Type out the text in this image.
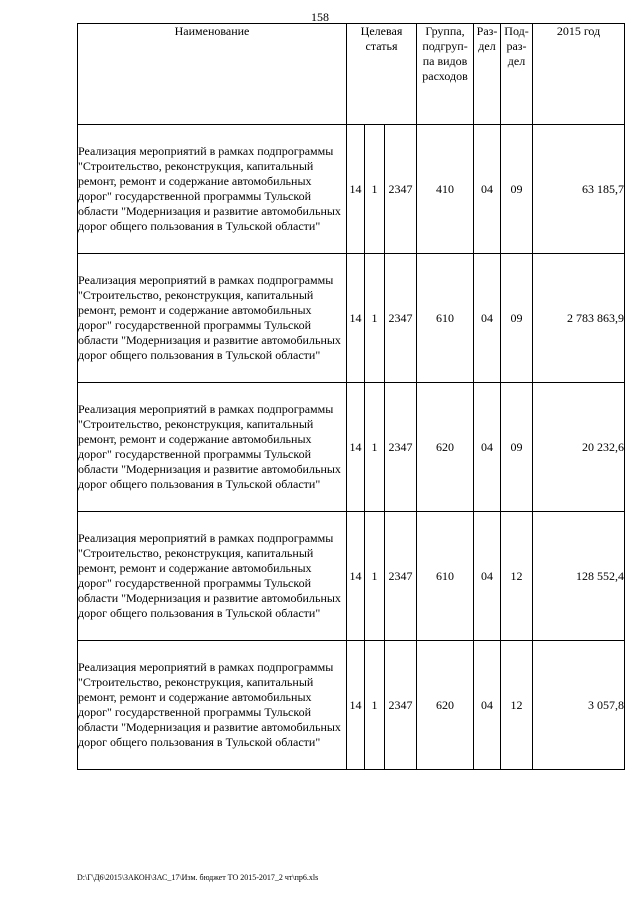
158
Наименование	Целевая статья			Группа, подгруп-па видов расходов	Раз-дел	Под-раз-дел	2015 год
Реализация мероприятий в рамках подпрограммы "Строительство, реконструкция, капитальный ремонт, ремонт и содержание автомобильных дорог" государственной программы Тульской области "Модернизация и развитие автомобильных дорог общего пользования в Тульской области"	14	1	2347	410	04	09	63 185,7
Реализация мероприятий в рамках подпрограммы "Строительство, реконструкция, капитальный ремонт, ремонт и содержание автомобильных дорог" государственной программы Тульской области "Модернизация и развитие автомобильных дорог общего пользования в Тульской области"	14	1	2347	610	04	09	2 783 863,9
Реализация мероприятий в рамках подпрограммы "Строительство, реконструкция, капитальный ремонт, ремонт и содержание автомобильных дорог" государственной программы Тульской области "Модернизация и развитие автомобильных дорог общего пользования в Тульской области"	14	1	2347	620	04	09	20 232,6
Реализация мероприятий в рамках подпрограммы "Строительство, реконструкция, капитальный ремонт, ремонт и содержание автомобильных дорог" государственной программы Тульской области "Модернизация и развитие автомобильных дорог общего пользования в Тульской области"	14	1	2347	610	04	12	128 552,4
Реализация мероприятий в рамках подпрограммы "Строительство, реконструкция, капитальный ремонт, ремонт и содержание автомобильных дорог" государственной программы Тульской области "Модернизация и развитие автомобильных дорог общего пользования в Тульской области"	14	1	2347	620	04	12	3 057,8
D:\Г\Д6\2015\ЗАКОН\ЗАС_17\Изм. бюджет ТО 2015-2017_2 чт\пр6.xls
